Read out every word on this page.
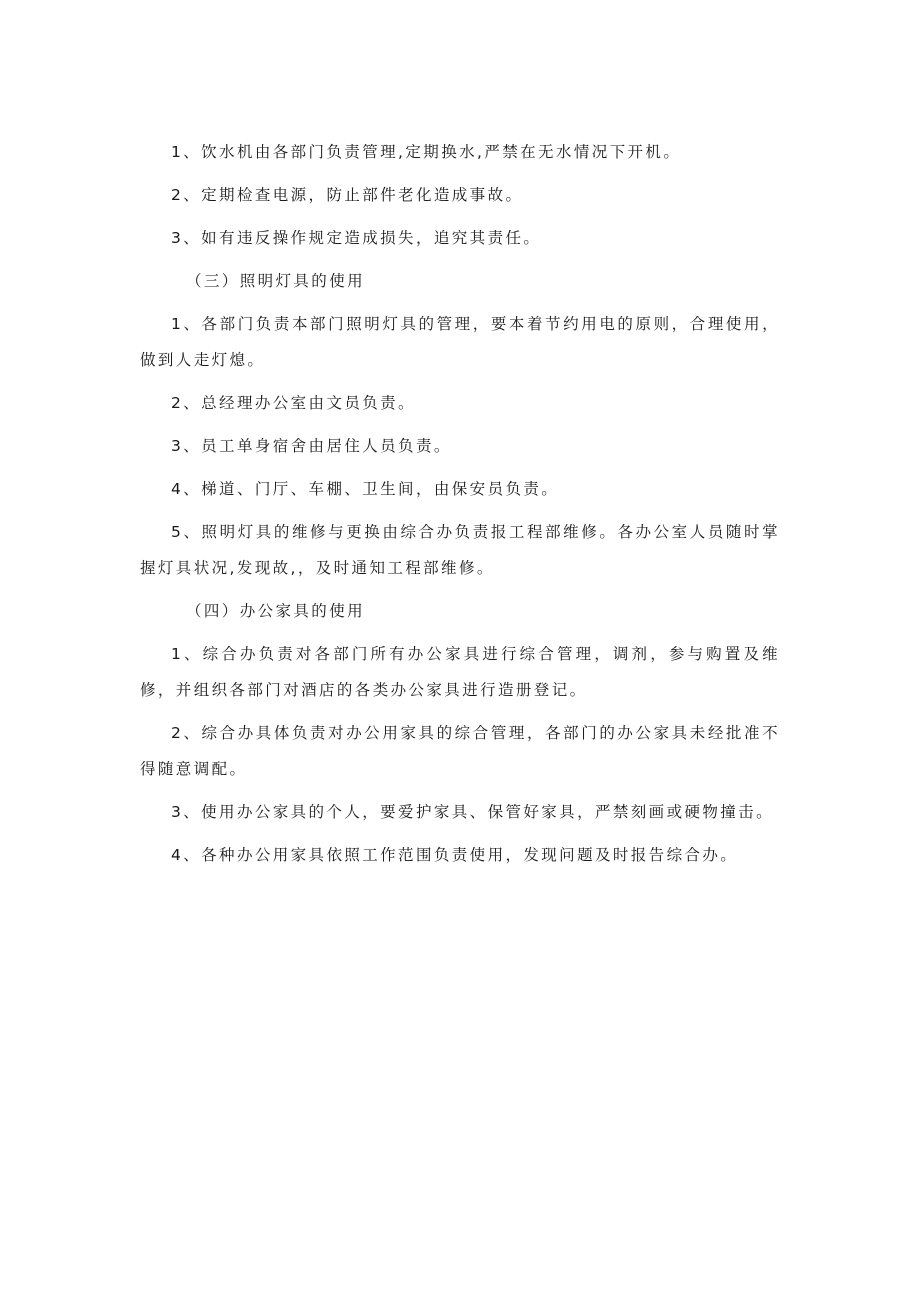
1、饮水机由各部门负责管理,定期换水,严禁在无水情况下开机。

2、定期检查电源，防止部件老化造成事故。

3、如有违反操作规定造成损失，追究其责任。

（三）照明灯具的使用

1、各部门负责本部门照明灯具的管理，要本着节约用电的原则，合理使用，做到人走灯熄。

2、总经理办公室由文员负责。

3、员工单身宿舍由居住人员负责。

4、梯道、门厅、车棚、卫生间，由保安员负责。

5、照明灯具的维修与更换由综合办负责报工程部维修。各办公室人员随时掌握灯具状况,发现故,，及时通知工程部维修。

（四）办公家具的使用

1、综合办负责对各部门所有办公家具进行综合管理，调剂，参与购置及维修，并组织各部门对酒店的各类办公家具进行造册登记。

2、综合办具体负责对办公用家具的综合管理，各部门的办公家具未经批准不得随意调配。

3、使用办公家具的个人，要爱护家具、保管好家具，严禁刻画或硬物撞击。

4、各种办公用家具依照工作范围负责使用，发现问题及时报告综合办。
